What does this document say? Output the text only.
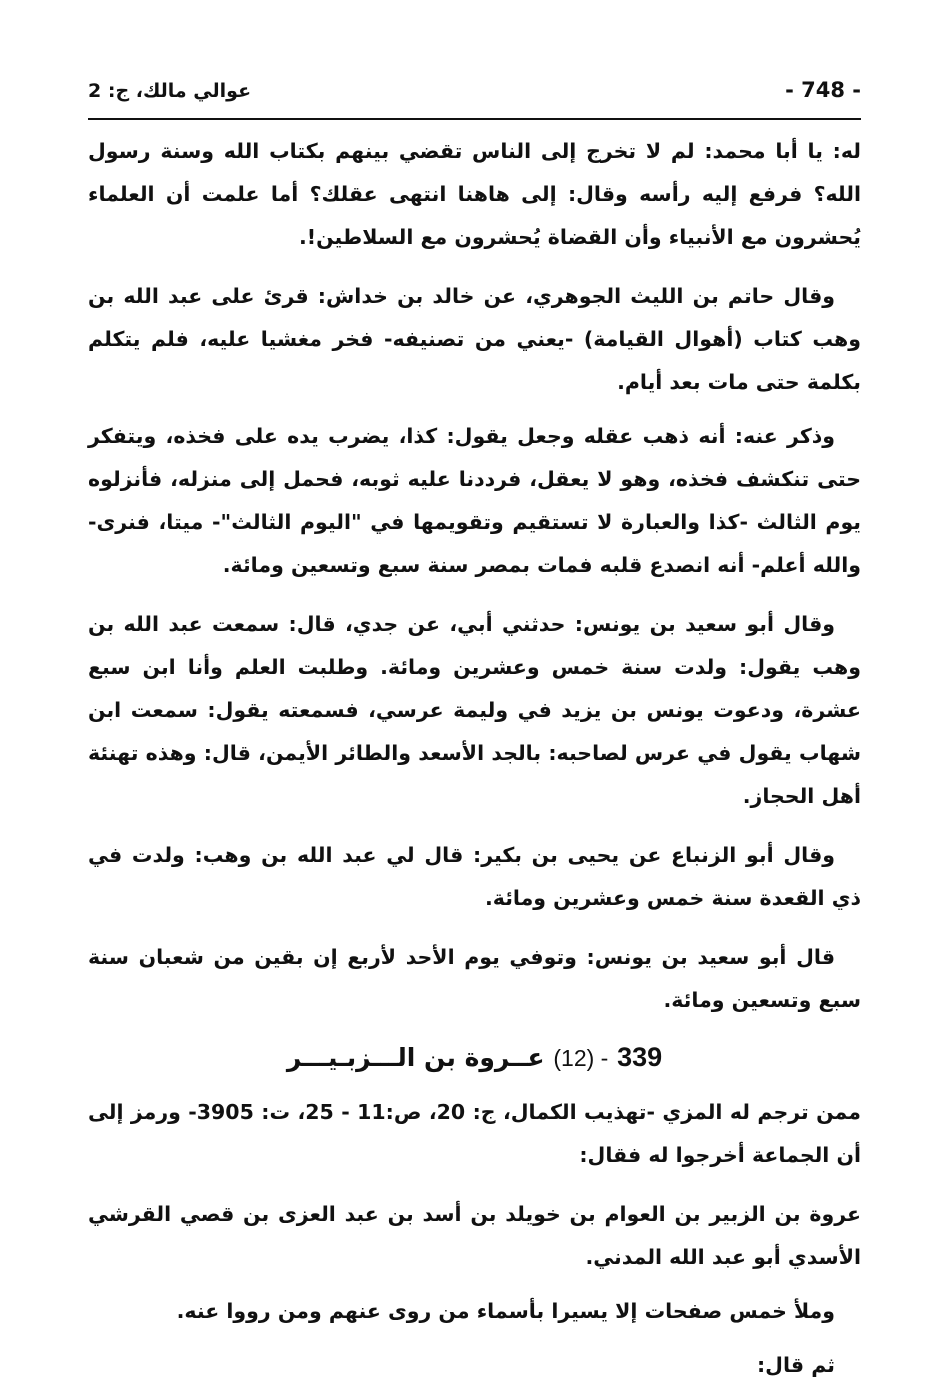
- 748 -
عوالي مالك، ج: 2

له: يا أبا محمد: لم لا تخرج إلى الناس تقضي بينهم بكتاب الله وسنة رسول الله؟ فرفع إليه رأسه وقال: إلى هاهنا انتهى عقلك؟ أما علمت أن العلماء يُحشرون مع الأنبياء وأن القضاة يُحشرون مع السلاطين!.

وقال حاتم بن الليث الجوهري، عن خالد بن خداش: قرئ على عبد الله بن وهب كتاب (أهوال القيامة) -يعني من تصنيفه- فخر مغشيا عليه، فلم يتكلم بكلمة حتى مات بعد أيام.

وذكر عنه: أنه ذهب عقله وجعل يقول: كذا، يضرب يده على فخذه، ويتفكر حتى تنكشف فخذه، وهو لا يعقل، فرددنا عليه ثوبه، فحمل إلى منزله، فأنزلوه يوم الثالث -كذا والعبارة لا تستقيم وتقويمها في "اليوم الثالث"- ميتا، فنرى- والله أعلم- أنه انصدع قلبه فمات بمصر سنة سبع وتسعين ومائة.

وقال أبو سعيد بن يونس: حدثني أبي، عن جدي، قال: سمعت عبد الله بن وهب يقول: ولدت سنة خمس وعشرين ومائة. وطلبت العلم وأنا ابن سبع عشرة، ودعوت يونس بن يزيد في وليمة عرسي، فسمعته يقول: سمعت ابن شهاب يقول في عرس لصاحبه: بالجد الأسعد والطائر الأيمن، قال: وهذه تهنئة أهل الحجاز.

وقال أبو الزنباع عن يحيى بن بكير: قال لي عبد الله بن وهب: ولدت في ذي القعدة سنة خمس وعشرين ومائة.

قال أبو سعيد بن يونس: وتوفي يوم الأحد لأربع إن بقين من شعبان سنة سبع وتسعين ومائة.

339 - (12) عــروة بن الـــزبـيـــر

ممن ترجم له المزي -تهذيب الكمال، ج: 20، ص:11 - 25، ت: 3905- ورمز إلى أن الجماعة أخرجوا له فقال:

عروة بن الزبير بن العوام بن خويلد بن أسد بن عبد العزى بن قصي القرشي الأسدي أبو عبد الله المدني.

وملأ خمس صفحات إلا يسيرا بأسماء من روى عنهم ومن رووا عنه.

ثم قال:
